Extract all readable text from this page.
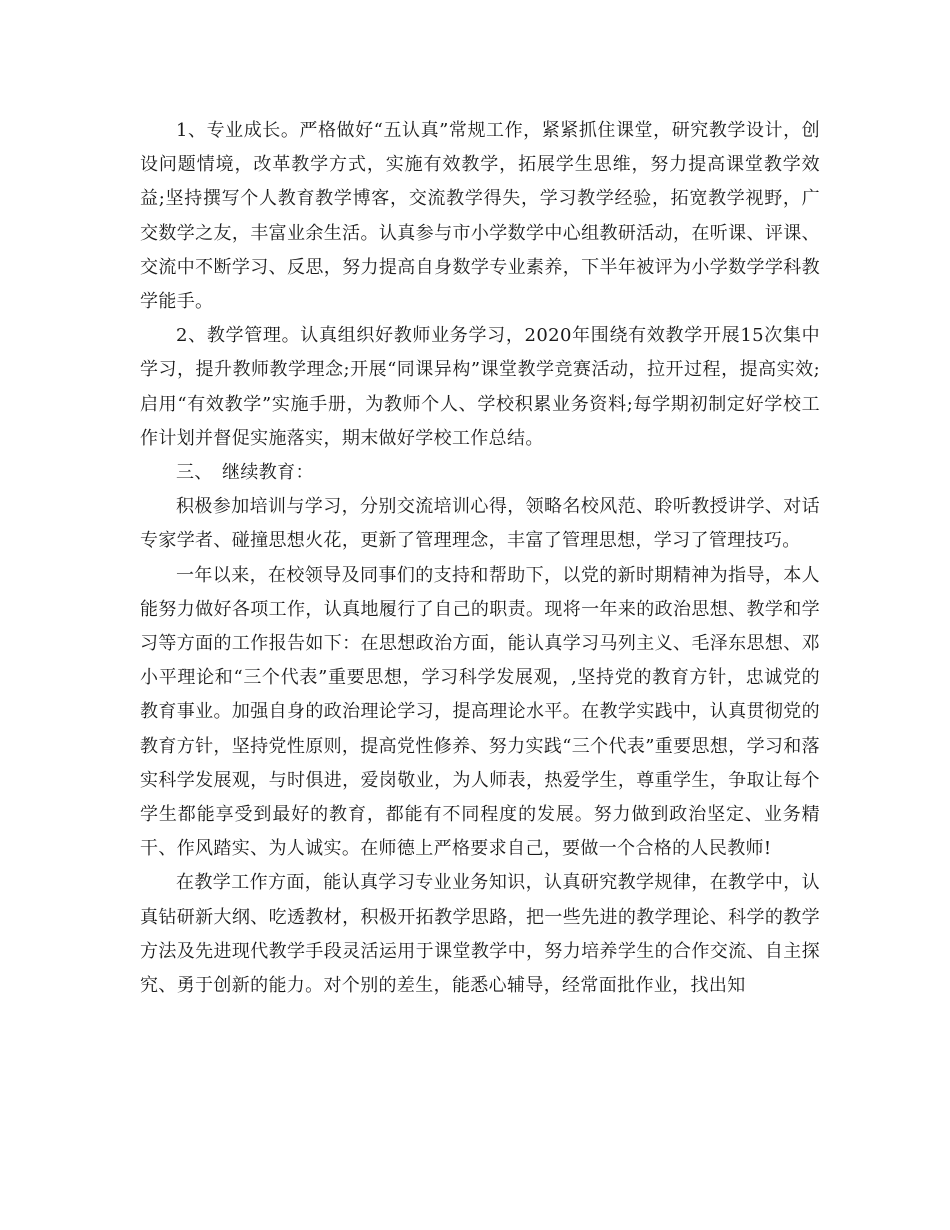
1、专业成长。严格做好“五认真”常规工作，紧紧抓住课堂，研究教学设计，创设问题情境，改革教学方式，实施有效教学，拓展学生思维，努力提高课堂教学效益;坚持撰写个人教育教学博客，交流教学得失，学习教学经验，拓宽教学视野，广交数学之友，丰富业余生活。认真参与市小学数学中心组教研活动，在听课、评课、交流中不断学习、反思，努力提高自身数学专业素养，下半年被评为小学数学学科教学能手。

2、教学管理。认真组织好教师业务学习，2020年围绕有效教学开展15次集中学习，提升教师教学理念;开展“同课异构”课堂教学竞赛活动，拉开过程，提高实效;启用“有效教学”实施手册，为教师个人、学校积累业务资料;每学期初制定好学校工作计划并督促实施落实，期末做好学校工作总结。

三、　继续教育：

积极参加培训与学习，分别交流培训心得，领略名校风范、聆听教授讲学、对话专家学者、碰撞思想火花，更新了管理理念，丰富了管理思想，学习了管理技巧。

一年以来，在校领导及同事们的支持和帮助下，以党的新时期精神为指导，本人能努力做好各项工作，认真地履行了自己的职责。现将一年来的政治思想、教学和学习等方面的工作报告如下：在思想政治方面，能认真学习马列主义、毛泽东思想、邓小平理论和“三个代表”重要思想，学习科学发展观，,坚持党的教育方针，忠诚党的教育事业。加强自身的政治理论学习，提高理论水平。在教学实践中，认真贯彻党的教育方针，坚持党性原则，提高党性修养、努力实践“三个代表”重要思想，学习和落实科学发展观，与时俱进，爱岗敬业，为人师表，热爱学生，尊重学生，争取让每个学生都能享受到最好的教育，都能有不同程度的发展。努力做到政治坚定、业务精干、作风踏实、为人诚实。在师德上严格要求自己，要做一个合格的人民教师!

在教学工作方面，能认真学习专业业务知识，认真研究教学规律，在教学中，认真钻研新大纲、吃透教材，积极开拓教学思路，把一些先进的教学理论、科学的教学方法及先进现代教学手段灵活运用于课堂教学中，努力培养学生的合作交流、自主探究、勇于创新的能力。对个别的差生，能悉心辅导，经常面批作业，找出知
